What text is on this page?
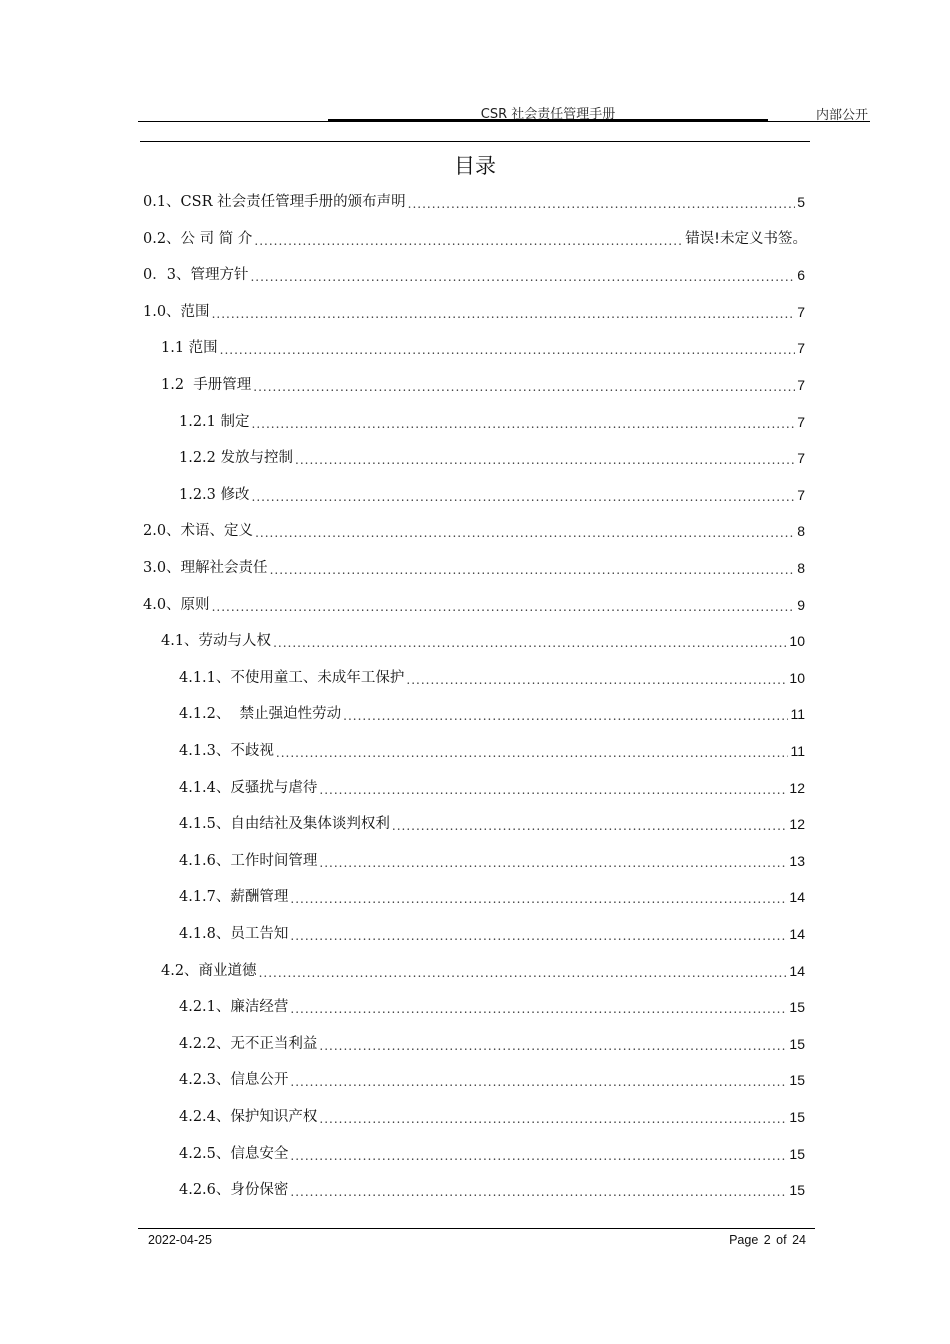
CSR 社会责任管理手册	内部公开
目录
0.1、CSR 社会责任管理手册的颁布声明 .....	5
0.2、公 司 简 介 .....	错误!未定义书签。
0．3、管理方针 .....	6
1.0、范围 .....	7
1.1 范围 .....	7
1.2  手册管理 .....	7
1.2.1 制定 .....	7
1.2.2 发放与控制 .....	7
1.2.3 修改 .....	7
2.0、术语、定义 .....	8
3.0、理解社会责任 .....	8
4.0、原则 .....	9
4.1、劳动与人权 .....	10
4.1.1、不使用童工、未成年工保护 .....	10
4.1.2、  禁止强迫性劳动 .....	11
4.1.3、不歧视 .....	11
4.1.4、反骚扰与虐待 .....	12
4.1.5、自由结社及集体谈判权利 .....	12
4.1.6、工作时间管理 .....	13
4.1.7、薪酬管理 .....	14
4.1.8、员工告知 .....	14
4.2、商业道德 .....	14
4.2.1、廉洁经营 .....	15
4.2.2、无不正当利益 .....	15
4.2.3、信息公开 .....	15
4.2.4、保护知识产权 .....	15
4.2.5、信息安全 .....	15
4.2.6、身份保密 .....	15
2022-04-25	Page 2 of 24
